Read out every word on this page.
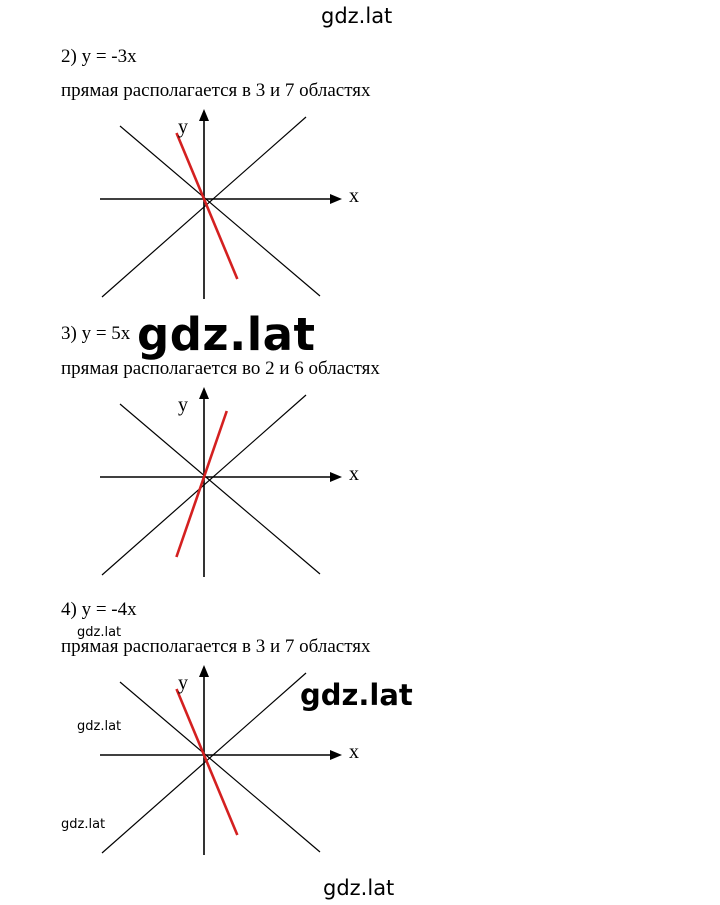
gdz.lat
2) y = -3x
прямая располагается в 3 и 7 областях
x
y
3) y = 5x
прямая располагается во 2 и 6 областях
x
y
4) y = -4x
прямая располагается в 3 и 7 областях
x
y
gdz.lat
gdz.lat
gdz.lat
gdz.lat
gdz.lat
gdz.lat
